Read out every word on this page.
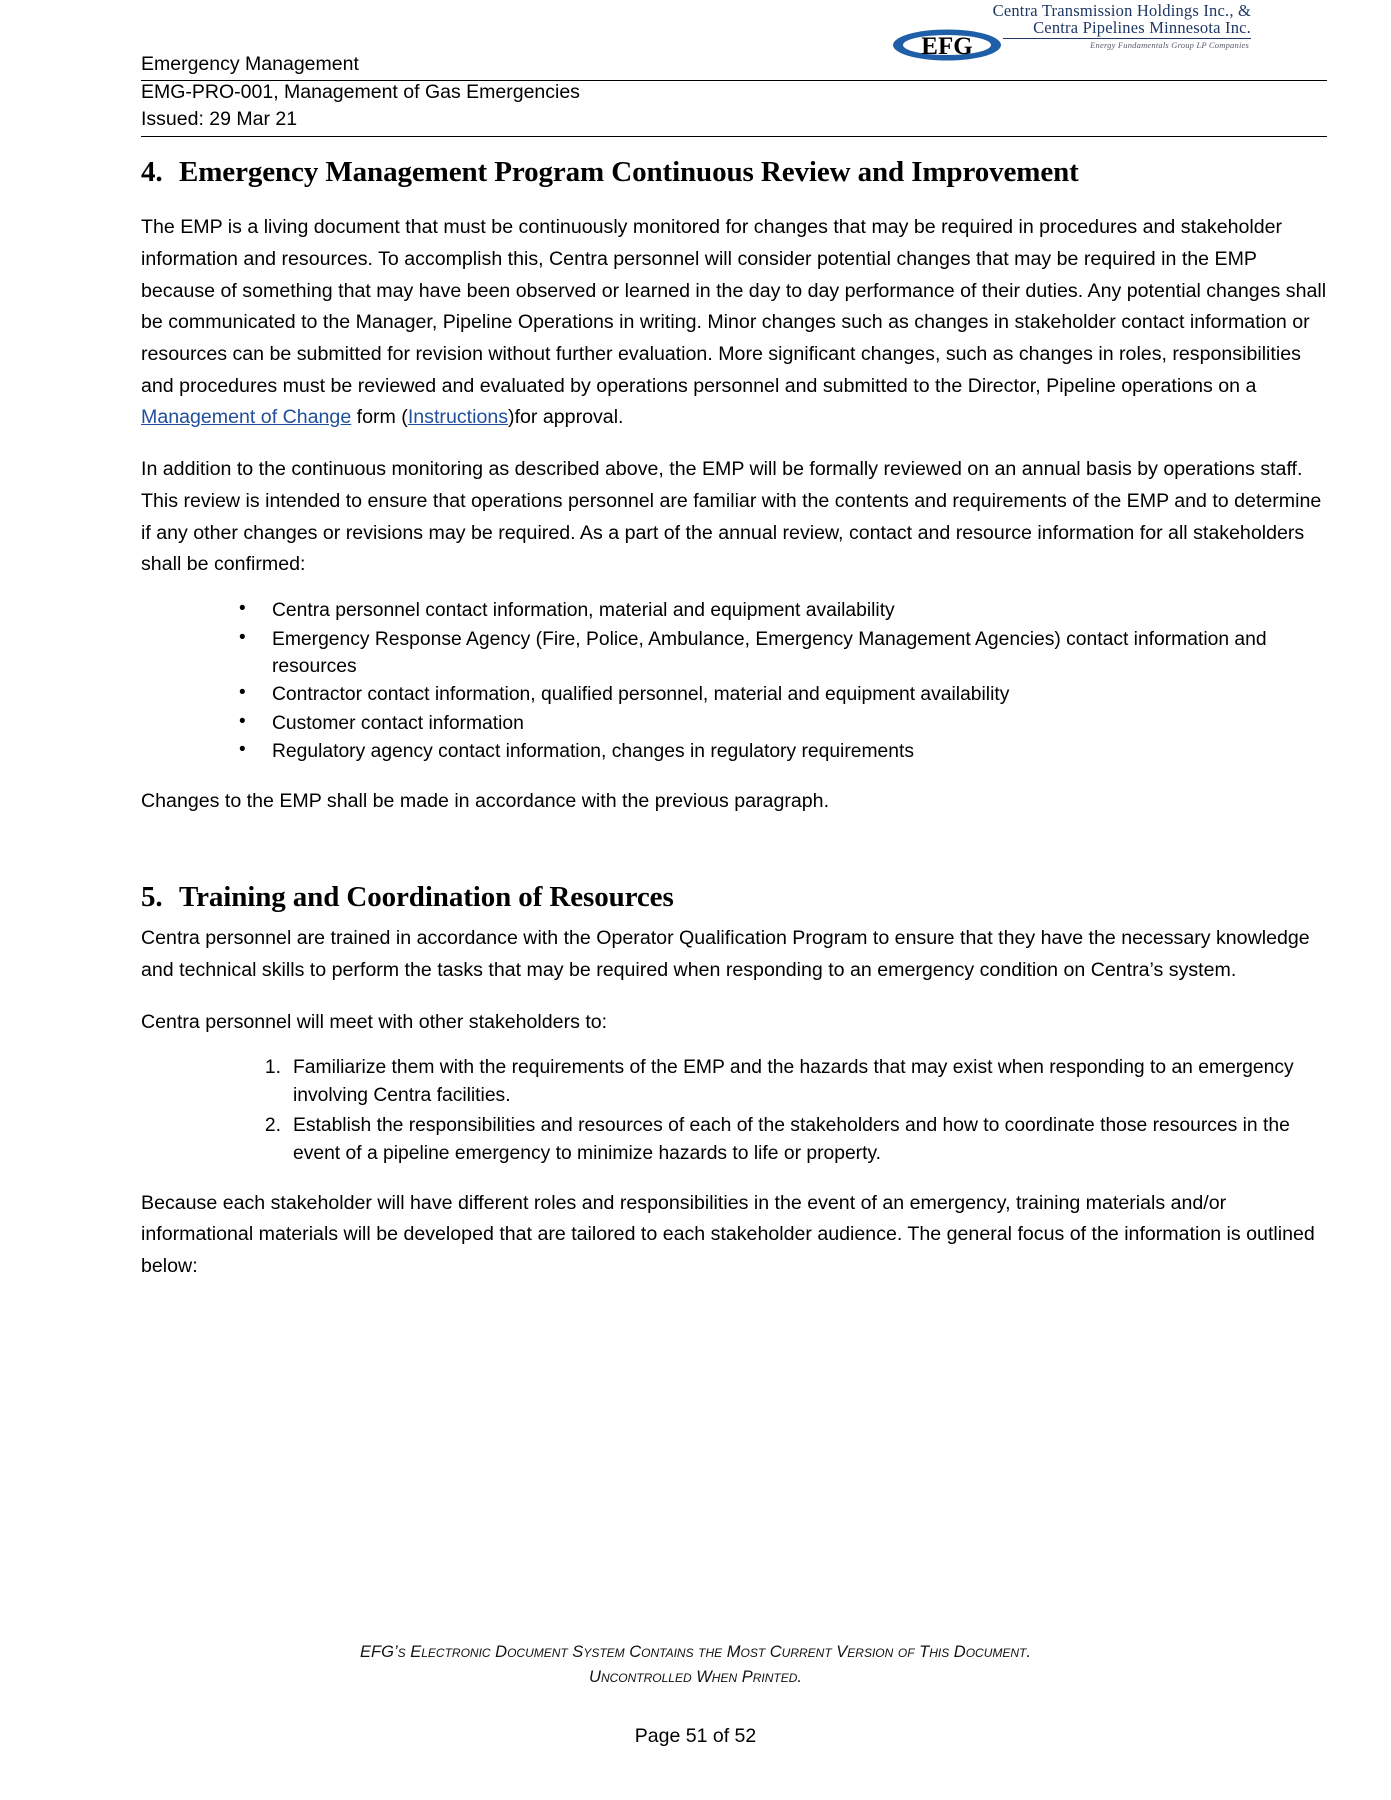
EFG
Centra Transmission Holdings Inc., &
Centra Pipelines Minnesota Inc.
Energy Fundamentals Group LP Companies
Emergency Management
EMG-PRO-001, Management of Gas Emergencies
Issued: 29 Mar 21
4. Emergency Management Program Continuous Review and Improvement

The EMP is a living document that must be continuously monitored for changes that may be required in procedures and stakeholder information and resources. To accomplish this, Centra personnel will consider potential changes that may be required in the EMP because of something that may have been observed or learned in the day to day performance of their duties. Any potential changes shall be communicated to the Manager, Pipeline Operations in writing. Minor changes such as changes in stakeholder contact information or resources can be submitted for revision without further evaluation. More significant changes, such as changes in roles, responsibilities and procedures must be reviewed and evaluated by operations personnel and submitted to the Director, Pipeline operations on a Management of Change form (Instructions)for approval.

In addition to the continuous monitoring as described above, the EMP will be formally reviewed on an annual basis by operations staff. This review is intended to ensure that operations personnel are familiar with the contents and requirements of the EMP and to determine if any other changes or revisions may be required. As a part of the annual review, contact and resource information for all stakeholders shall be confirmed:

• Centra personnel contact information, material and equipment availability
• Emergency Response Agency (Fire, Police, Ambulance, Emergency Management Agencies) contact information and resources
• Contractor contact information, qualified personnel, material and equipment availability
• Customer contact information
• Regulatory agency contact information, changes in regulatory requirements

Changes to the EMP shall be made in accordance with the previous paragraph.

5. Training and Coordination of Resources

Centra personnel are trained in accordance with the Operator Qualification Program to ensure that they have the necessary knowledge and technical skills to perform the tasks that may be required when responding to an emergency condition on Centra’s system.

Centra personnel will meet with other stakeholders to:

Familiarize them with the requirements of the EMP and the hazards that may exist when responding to an emergency involving Centra facilities.
Establish the responsibilities and resources of each of the stakeholders and how to coordinate those resources in the event of a pipeline emergency to minimize hazards to life or property.

Because each stakeholder will have different roles and responsibilities in the event of an emergency, training materials and/or informational materials will be developed that are tailored to each stakeholder audience. The general focus of the information is outlined below:

EFG’s Electronic Document System Contains the Most Current Version of This Document.
Uncontrolled When Printed.
Page 51 of 52
